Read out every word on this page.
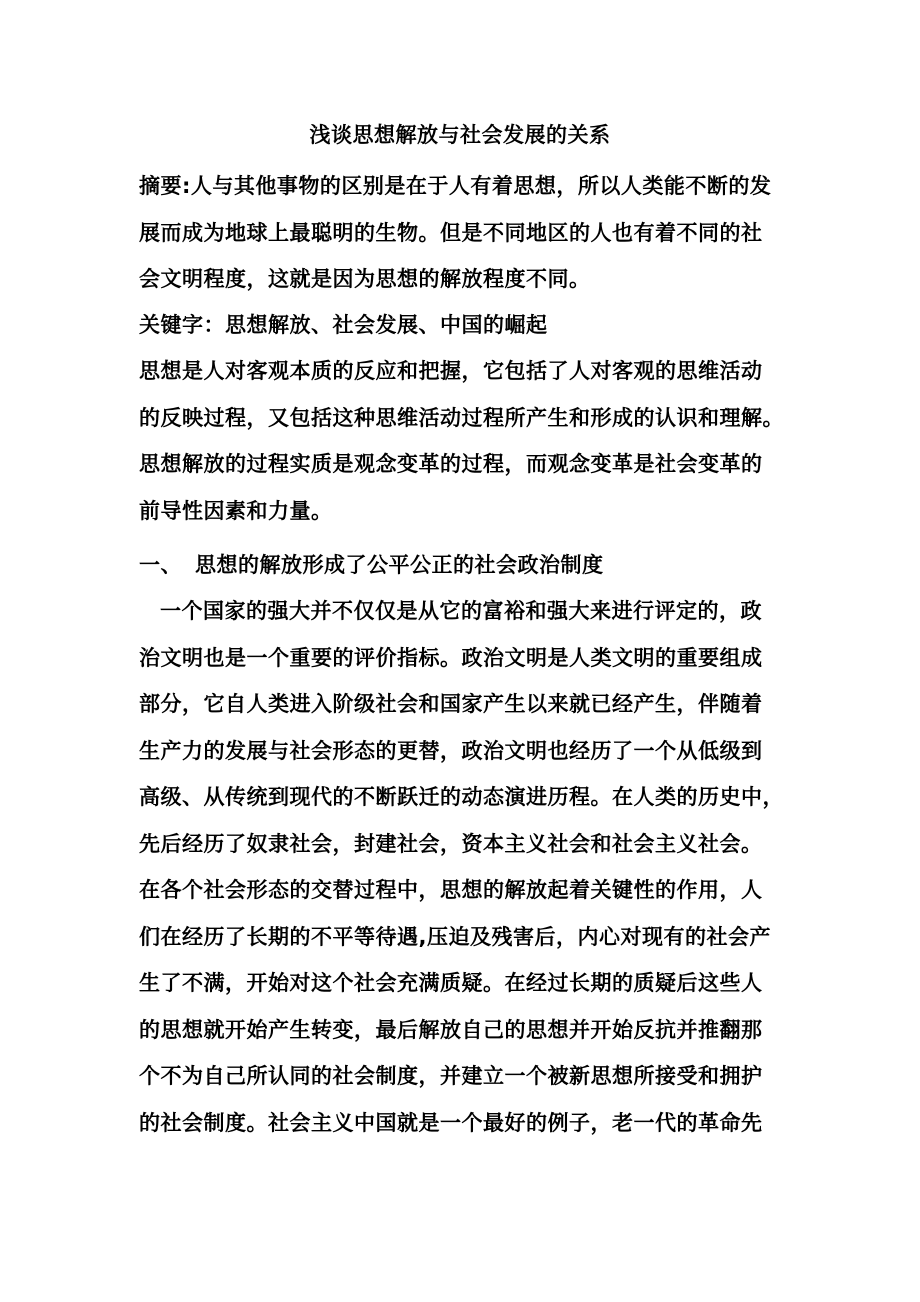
浅谈思想解放与社会发展的关系

摘要:人与其他事物的区别是在于人有着思想，所以人类能不断的发
展而成为地球上最聪明的生物。但是不同地区的人也有着不同的社
会文明程度，这就是因为思想的解放程度不同。

关键字：思想解放、社会发展、中国的崛起

思想是人对客观本质的反应和把握，它包括了人对客观的思维活动
的反映过程，又包括这种思维活动过程所产生和形成的认识和理解。
思想解放的过程实质是观念变革的过程，而观念变革是社会变革的
前导性因素和力量。

一、 思想的解放形成了公平公正的社会政治制度

一个国家的强大并不仅仅是从它的富裕和强大来进行评定的，政
治文明也是一个重要的评价指标。政治文明是人类文明的重要组成
部分，它自人类进入阶级社会和国家产生以来就已经产生，伴随着
生产力的发展与社会形态的更替，政治文明也经历了一个从低级到
高级、从传统到现代的不断跃迁的动态演进历程。在人类的历史中，
先后经历了奴隶社会，封建社会，资本主义社会和社会主义社会。
在各个社会形态的交替过程中，思想的解放起着关键性的作用，人
们在经历了长期的不平等待遇,压迫及残害后，内心对现有的社会产
生了不满，开始对这个社会充满质疑。在经过长期的质疑后这些人
的思想就开始产生转变，最后解放自己的思想并开始反抗并推翻那
个不为自己所认同的社会制度，并建立一个被新思想所接受和拥护
的社会制度。社会主义中国就是一个最好的例子，老一代的革命先
